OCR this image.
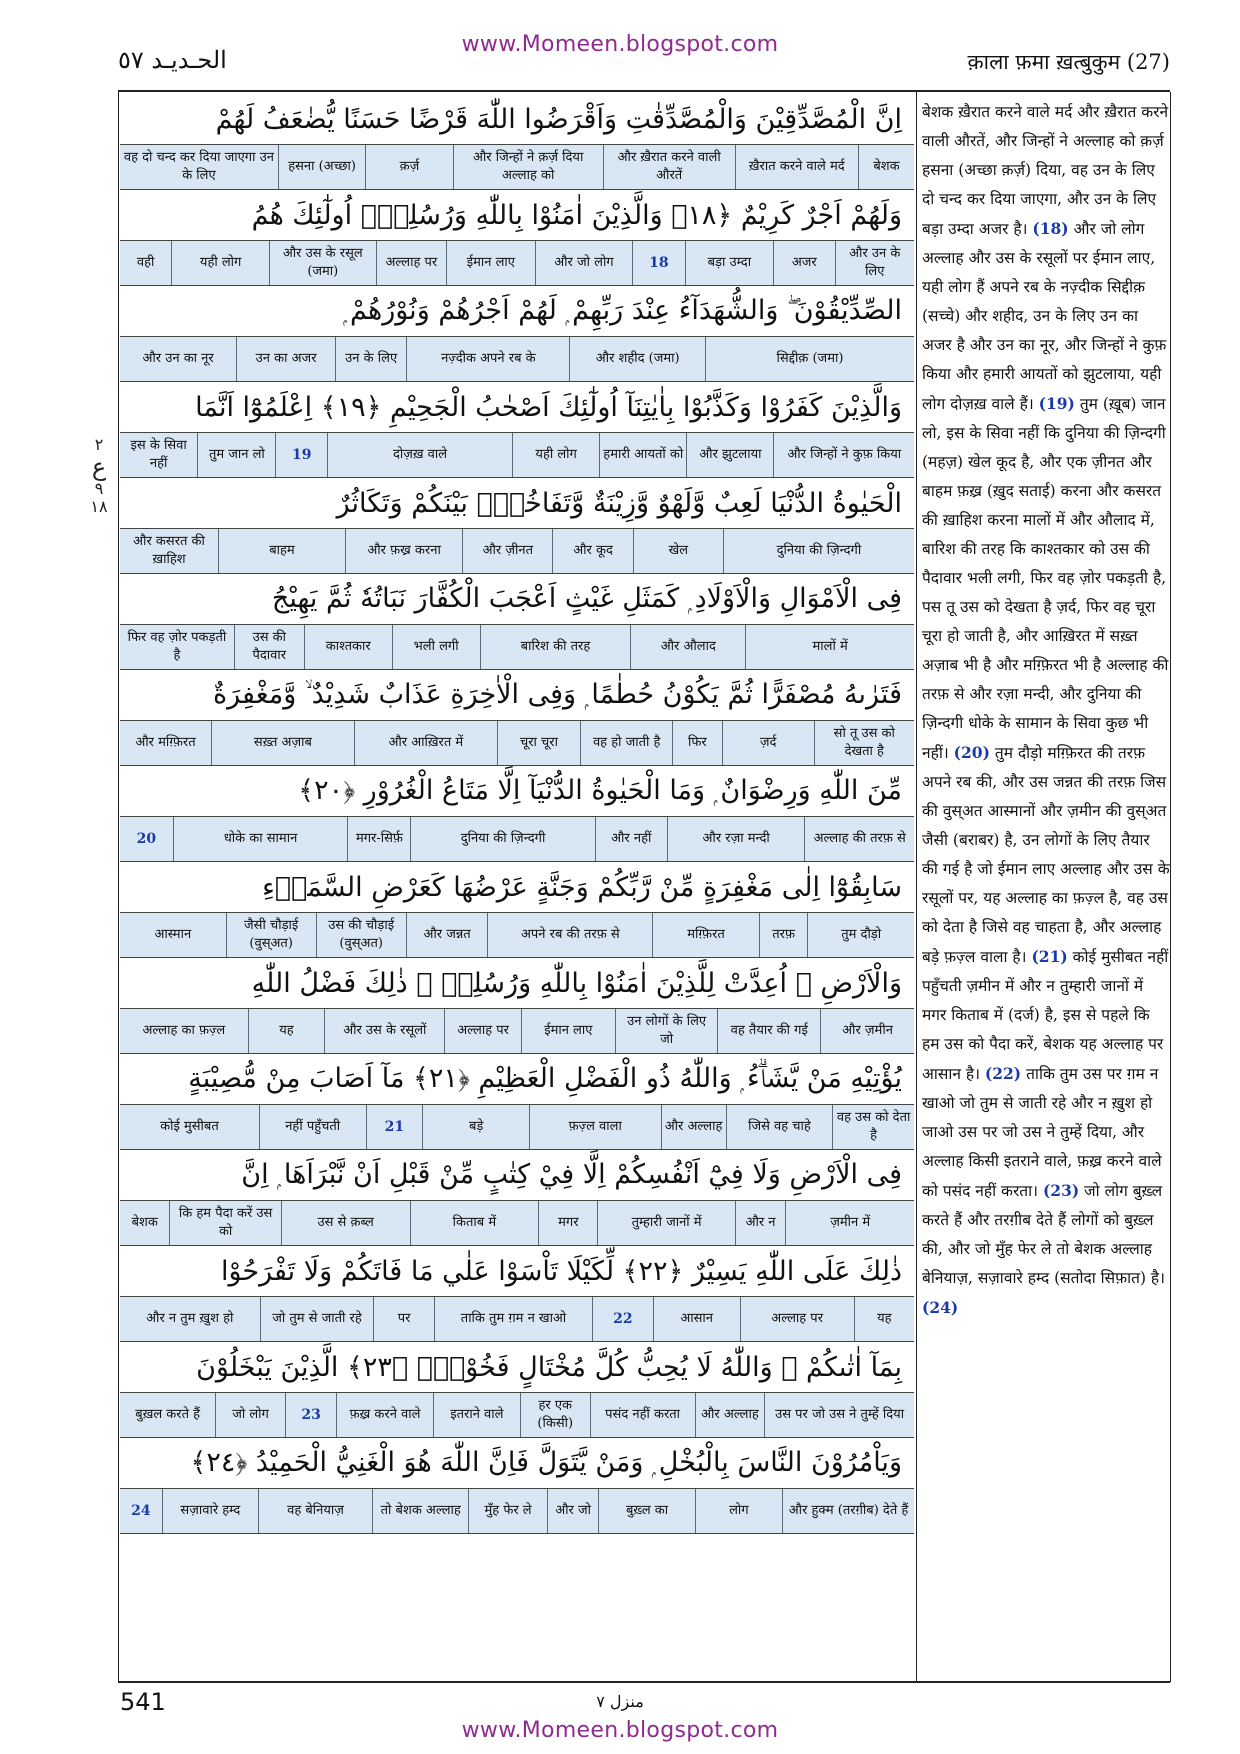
www.Momeen.blogspot.com
الحـديـد ٥٧	क़ाला फ़मा ख़त्बुकुम (27)
٢
ع
٩
١٨
اِنَّ الْمُصَّدِّقِيْنَ وَالْمُصَّدِّقٰتِ وَاَقْرَضُوا اللّٰهَ قَرْضًا حَسَنًا يُّضٰعَفُ لَهُمْ
बेशक
ख़ैरात करने वाले मर्द
और ख़ैरात करने वाली औरतें
और जिन्हों ने क़र्ज़ दिया अल्लाह को
क़र्ज़
हसना (अच्छा)
वह दो चन्द कर दिया जाएगा उन के लिए
وَلَهُمْ اَجْرٌ كَرِيْمٌ ﴿١٨﴾ وَالَّذِيْنَ اٰمَنُوْا بِاللّٰهِ وَرُسُلِهٖٓ اُولٰٓئِكَ هُمُ
और उन के लिए
अजर
बड़ा उम्दा
18
और जो लोग
ईमान लाए
अल्लाह पर
और उस के रसूल (जमा)
यही लोग
वही
الصِّدِّيْقُوْنَ ۖ وَالشُّهَدَآءُ عِنْدَ رَبِّهِمْ ۭ لَهُمْ اَجْرُهُمْ وَنُوْرُهُمْ ۭ
सिद्दीक़ (जमा)
और शहीद (जमा)
नज़्दीक अपने रब के
उन के लिए
उन का अजर
और उन का नूर
وَالَّذِيْنَ كَفَرُوْا وَكَذَّبُوْا بِاٰيٰتِنَآ اُولٰٓئِكَ اَصْحٰبُ الْجَحِيْمِ ﴿١٩﴾ اِعْلَمُوْٓا اَنَّمَا
और जिन्हों ने कुफ़ किया
और झुटलाया
हमारी आयतों को
यही लोग
दोज़ख़ वाले
19
तुम जान लो
इस के सिवा नहीं
الْحَيٰوةُ الدُّنْيَا لَعِبٌ وَّلَهْوٌ وَّزِيْنَةٌ وَّتَفَاخُرٌۢ بَيْنَكُمْ وَتَكَاثُرٌ
दुनिया की ज़िन्दगी
खेल
और कूद
और ज़ीनत
और फ़ख्र करना
बाहम
और कसरत की ख़ाहिश
فِى الْاَمْوَالِ وَالْاَوْلَادِ ۭ كَمَثَلِ غَيْثٍ اَعْجَبَ الْكُفَّارَ نَبَاتُهٗ ثُمَّ يَهِيْجُ
मालों में
और औलाद
बारिश की तरह
भली लगी
काश्तकार
उस की पैदावार
फिर वह ज़ोर पकड़ती है
فَتَرٰىهُ مُصْفَرًّا ثُمَّ يَكُوْنُ حُطٰمًا ۭ وَفِى الْاٰخِرَةِ عَذَابٌ شَدِيْدٌ ۙ وَّمَغْفِرَةٌ
सो तू उस को देखता है
ज़र्द
फिर
वह हो जाती है
चूरा चूरा
और आख़िरत में
सख़्त अज़ाब
और मग़्फ़िरत
مِّنَ اللّٰهِ وَرِضْوَانٌ ۭ وَمَا الْحَيٰوةُ الدُّنْيَآ اِلَّا مَتَاعُ الْغُرُوْرِ ﴿٢٠﴾
अल्लाह की तरफ़ से
और रज़ा मन्दी
और नहीं
दुनिया की ज़िन्दगी
मगर-सिर्फ़
धोके का सामान
20
سَابِقُوْٓا اِلٰى مَغْفِرَةٍ مِّنْ رَّبِّكُمْ وَجَنَّةٍ عَرْضُهَا كَعَرْضِ السَّمَاۗءِ
तुम दौड़ो
तरफ़
मग़्फ़िरत
अपने रब की तरफ़ से
और जन्नत
उस की चौड़ाई (वुस्अत)
जैसी चौड़ाई (वुस्अत)
आस्मान
وَالْاَرْضِ ۙ اُعِدَّتْ لِلَّذِيْنَ اٰمَنُوْا بِاللّٰهِ وَرُسُلِهٖ ۭ ذٰلِكَ فَضْلُ اللّٰهِ
और ज़मीन
वह तैयार की गई
उन लोगों के लिए जो
ईमान लाए
अल्लाह पर
और उस के रसूलों
यह
अल्लाह का फ़ज़्ल
يُؤْتِيْهِ مَنْ يَّشَاۗءُ ۭ وَاللّٰهُ ذُو الْفَضْلِ الْعَظِيْمِ ﴿٢١﴾ مَآ اَصَابَ مِنْ مُّصِيْبَةٍ
वह उस को देता है
जिसे वह चाहे
और अल्लाह
फ़ज़्ल वाला
बड़े
21
नहीं पहुँचती
कोई मुसीबत
فِى الْاَرْضِ وَلَا فِيْٓ اَنْفُسِكُمْ اِلَّا فِيْ كِتٰبٍ مِّنْ قَبْلِ اَنْ نَّبْرَاَهَا ۭ اِنَّ
ज़मीन में
और न
तुम्हारी जानों में
मगर
किताब में
उस से क़ब्ल
कि हम पैदा करें उस को
बेशक
ذٰلِكَ عَلَى اللّٰهِ يَسِيْرٌ ﴿٢٢﴾ لِّكَيْلَا تَاْسَوْا عَلٰي مَا فَاتَكُمْ وَلَا تَفْرَحُوْا
यह
अल्लाह पर
आसान
22
ताकि तुम ग़म न खाओ
पर
जो तुम से जाती रहे
और न तुम ख़ुश हो
بِمَآ اٰتٰىكُمْ ۭ وَاللّٰهُ لَا يُحِبُّ كُلَّ مُخْتَالٍ فَخُوْرِۨ ﴿٢٣﴾ الَّذِيْنَ يَبْخَلُوْنَ
उस पर जो उस ने तुम्हें दिया
और अल्लाह
पसंद नहीं करता
हर एक (किसी)
इतराने वाले
फ़ख़्र करने वाले
23
जो लोग
बुख़ल करते हैं
وَيَاْمُرُوْنَ النَّاسَ بِالْبُخْلِ ۭ وَمَنْ يَّتَوَلَّ فَاِنَّ اللّٰهَ هُوَ الْغَنِيُّ الْحَمِيْدُ ﴿٢٤﴾
और हुक्म (तरग़ीब) देते हैं
लोग
बुख़्ल का
और जो
मुँह फेर ले
तो बेशक अल्लाह
वह बेनियाज़
सज़ावारे हम्द
24
बेशक ख़ैरात करने वाले मर्द और ख़ैरात करने वाली औरतें, और जिन्हों ने अल्लाह को क़र्ज़ हसना (अच्छा क़र्ज़) दिया, वह उन के लिए दो चन्द कर दिया जाएगा, और उन के लिए बड़ा उम्दा अजर है। (18) और जो लोग अल्लाह और उस के रसूलों पर ईमान लाए, यही लोग हैं अपने रब के नज़्दीक सिद्दीक़ (सच्चे) और शहीद, उन के लिए उन का अजर है और उन का नूर, और जिन्हों ने कुफ़ किया और हमारी आयतों को झुटलाया, यही लोग दोज़ख़ वाले हैं। (19) तुम (ख़ूब) जान लो, इस के सिवा नहीं कि दुनिया की ज़िन्दगी (महज़) खेल कूद है, और एक ज़ीनत और बाहम फ़ख़्र (ख़ुद सताई) करना और कसरत की ख़ाहिश करना मालों में और औलाद में, बारिश की तरह कि काश्तकार को उस की पैदावार भली लगी, फिर वह ज़ोर पकड़ती है, पस तू उस को देखता है ज़र्द, फिर वह चूरा चूरा हो जाती है, और आख़िरत में सख़्त अज़ाब भी है और मग़्फ़िरत भी है अल्लाह की तरफ़ से और रज़ा मन्दी, और दुनिया की ज़िन्दगी धोके के सामान के सिवा कुछ भी नहीं। (20) तुम दौड़ो मग़्फ़िरत की तरफ़ अपने रब की, और उस जन्नत की तरफ़ जिस की वुस्अत आस्मानों और ज़मीन की वुस्अत जैसी (बराबर) है, उन लोगों के लिए तैयार की गई है जो ईमान लाए अल्लाह और उस के रसूलों पर, यह अल्लाह का फ़ज़्ल है, वह उस को देता है जिसे वह चाहता है, और अल्लाह बड़े फ़ज़्ल वाला है। (21) कोई मुसीबत नहीं पहुँचती ज़मीन में और न तुम्हारी जानों में मगर किताब में (दर्ज) है, इस से पहले कि हम उस को पैदा करें, बेशक यह अल्लाह पर आसान है। (22) ताकि तुम उस पर ग़म न खाओ जो तुम से जाती रहे और न ख़ुश हो जाओ उस पर जो उस ने तुम्हें दिया, और अल्लाह किसी इतराने वाले, फ़ख़्र करने वाले को पसंद नहीं करता। (23) जो लोग बुख़्ल करते हैं और तरग़ीब देते हैं लोगों को बुख़्ल की, और जो मुँह फेर ले तो बेशक अल्लाह बेनियाज़, सज़ावारे हम्द (सतोदा सिफ़ात) है। (24)
541	منزل ٧
www.Momeen.blogspot.com
